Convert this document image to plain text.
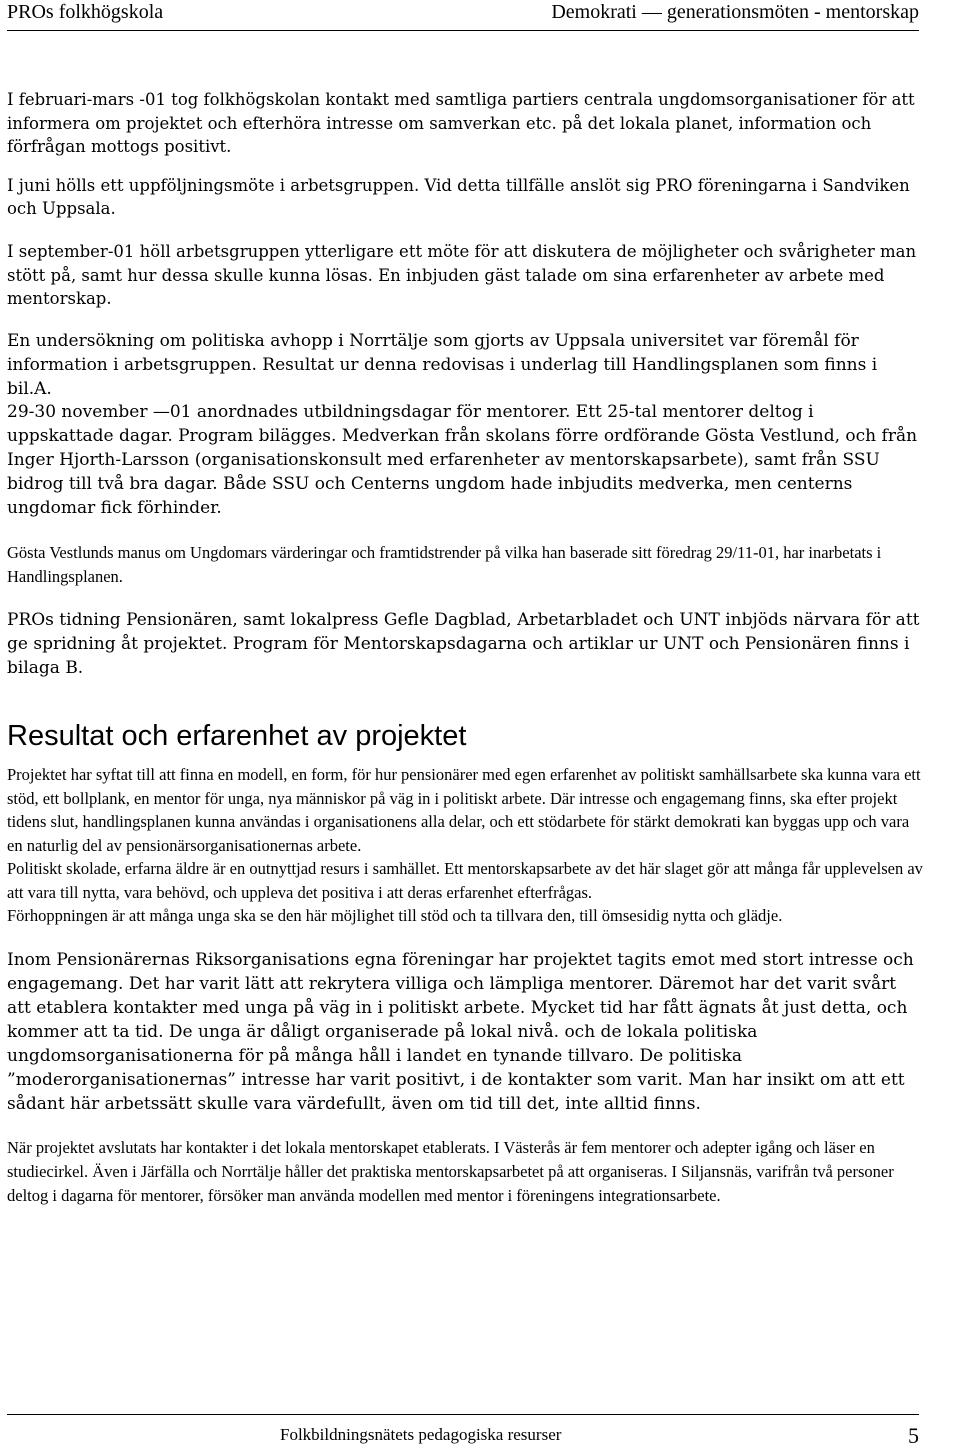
PROs folkhögskola	Demokrati — generationsmöten - mentorskap

I februari-mars -01 tog folkhögskolan kontakt med samtliga partiers centrala ungdomsorganisationer för att informera om projektet och efterhöra intresse om samverkan etc. på det lokala planet, information och förfrågan mottogs positivt.

I juni hölls ett uppföljningsmöte i arbetsgruppen. Vid detta tillfälle anslöt sig PRO föreningarna i Sandviken och Uppsala.

I september-01 höll arbetsgruppen ytterligare ett möte för att diskutera de möjligheter och svårigheter man stött på, samt hur dessa skulle kunna lösas. En inbjuden gäst talade om sina erfarenheter av arbete med mentorskap.

En undersökning om politiska avhopp i Norrtälje som gjorts av Uppsala universitet var föremål för information i arbetsgruppen. Resultat ur denna redovisas i underlag till Handlingsplanen som finns i bil.A.

29-30 november —01 anordnades utbildningsdagar för mentorer. Ett 25-tal mentorer deltog i uppskattade dagar. Program bilägges. Medverkan från skolans förre ordförande Gösta Vestlund, och från Inger Hjorth-Larsson (organisationskonsult med erfarenheter av mentorskapsarbete), samt från SSU bidrog till två bra dagar. Både SSU och Centerns ungdom hade inbjudits medverka, men centerns ungdomar fick förhinder.

Gösta Vestlunds manus om Ungdomars värderingar och framtidstrender på vilka han baserade sitt föredrag 29/11-01, har inarbetats i Handlingsplanen.

PROs tidning Pensionären, samt lokalpress Gefle Dagblad, Arbetarbladet och UNT inbjöds närvara för att ge spridning åt projektet. Program för Mentorskapsdagarna och artiklar ur UNT och Pensionären finns i bilaga B.

Resultat och erfarenhet av projektet

Projektet har syftat till att finna en modell, en form, för hur pensionärer med egen erfarenhet av politiskt samhällsarbete ska kunna vara ett stöd, ett bollplank, en mentor för unga, nya människor på väg in i politiskt arbete. Där intresse och engagemang finns, ska efter projekt tidens slut, handlingsplanen kunna användas i organisationens alla delar, och ett stödarbete för stärkt demokrati kan byggas upp och vara en naturlig del av pensionärsorganisationernas arbete.

Politiskt skolade, erfarna äldre är en outnyttjad resurs i samhället. Ett mentorskapsarbete av det här slaget gör att många får upplevelsen av att vara till nytta, vara behövd, och uppleva det positiva i att deras erfarenhet efterfrågas.

Förhoppningen är att många unga ska se den här möjlighet till stöd och ta tillvara den, till ömsesidig nytta och glädje.

Inom Pensionärernas Riksorganisations egna föreningar har projektet tagits emot med stort intresse och engagemang. Det har varit lätt att rekrytera villiga och lämpliga mentorer. Däremot har det varit svårt att etablera kontakter med unga på väg in i politiskt arbete. Mycket tid har fått ägnats åt just detta, och kommer att ta tid. De unga är dåligt organiserade på lokal nivå. och de lokala politiska ungdomsorganisationerna för på många håll i landet en tynande tillvaro. De politiska ”moderorganisationernas” intresse har varit positivt, i de kontakter som varit. Man har insikt om att ett sådant här arbetssätt skulle vara värdefullt, även om tid till det, inte alltid finns.

När projektet avslutats har kontakter i det lokala mentorskapet etablerats. I Västerås är fem mentorer och adepter igång och läser en studiecirkel. Även i Järfälla och Norrtälje håller det praktiska mentorskapsarbetet på att organiseras. I Siljansnäs, varifrån två personer deltog i dagarna för mentorer, försöker man använda modellen med mentor i föreningens integrationsarbete.

Folkbildningsnätets pedagogiska resurser	5
